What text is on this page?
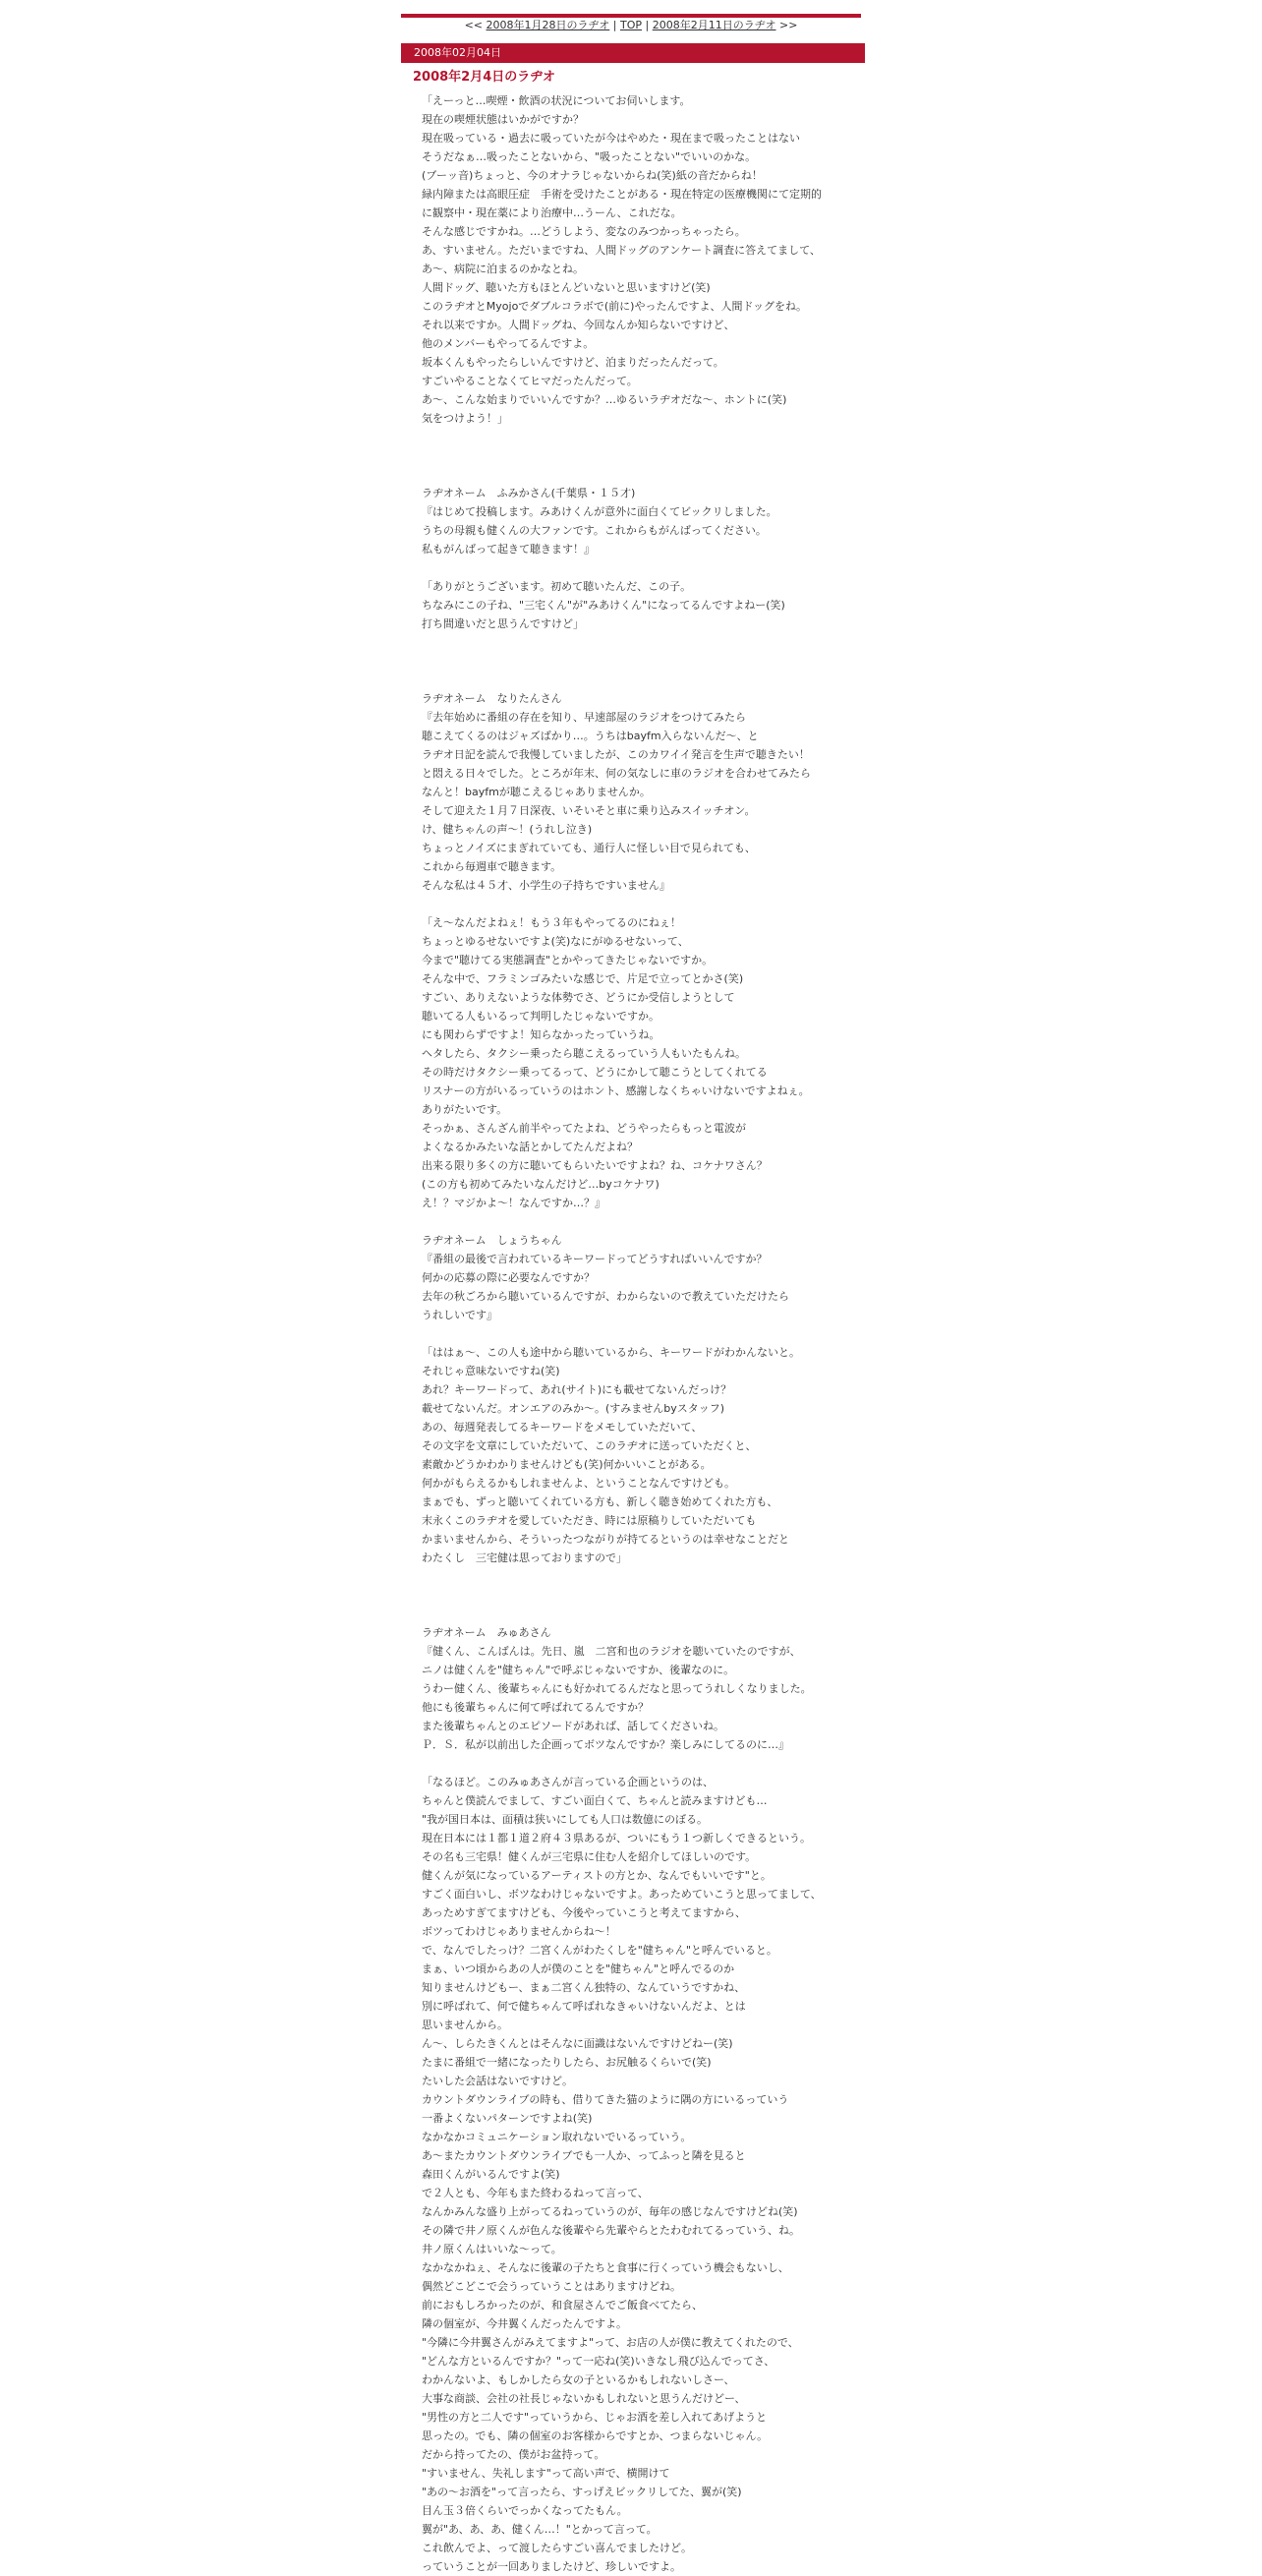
<< 2008年1月28日のラヂオ | TOP | 2008年2月11日のラヂオ >>
2008年02月04日
2008年2月4日のラヂオ
「えーっと…喫煙・飲酒の状況についてお伺いします。
現在の喫煙状態はいかがですか？
現在吸っている・過去に吸っていたが今はやめた・現在まで吸ったことはない
そうだなぁ…吸ったことないから、"吸ったことない"でいいのかな。
(ブーッ音)ちょっと、今のオナラじゃないからね(笑)紙の音だからね！
緑内障または高眼圧症　手術を受けたことがある・現在特定の医療機関にて定期的
に観察中・現在薬により治療中…うーん、これだな。
そんな感じですかね。…どうしよう、変なのみつかっちゃったら。
あ、すいません。ただいまですね、人間ドッグのアンケート調査に答えてまして、
あ～、病院に泊まるのかなとね。
人間ドッグ、聴いた方もほとんどいないと思いますけど(笑)
このラヂオとMyojoでダブルコラボで(前に)やったんですよ、人間ドッグをね。
それ以来ですか。人間ドッグね、今回なんか知らないですけど、
他のメンバーもやってるんですよ。
坂本くんもやったらしいんですけど、泊まりだったんだって。
すごいやることなくてヒマだったんだって。
あ～、こんな始まりでいいんですか？…ゆるいラヂオだな～、ホントに(笑)
気をつけよう！」
ラヂオネーム　ふみかさん(千葉県・１５才)
『はじめて投稿します。みあけくんが意外に面白くてビックリしました。
うちの母親も健くんの大ファンです。これからもがんばってください。
私もがんばって起きて聴きます！』
「ありがとうございます。初めて聴いたんだ、この子。
ちなみにこの子ね、"三宅くん"が"みあけくん"になってるんですよねー(笑)
打ち間違いだと思うんですけど」
ラヂオネーム　なりたんさん
『去年始めに番組の存在を知り、早速部屋のラジオをつけてみたら
聴こえてくるのはジャズばかり…。うちはbayfm入らないんだ～、と
ラヂオ日記を読んで我慢していましたが、このカワイイ発言を生声で聴きたい！
と悶える日々でした。ところが年末、何の気なしに車のラジオを合わせてみたら
なんと！bayfmが聴こえるじゃありませんか。
そして迎えた１月７日深夜、いそいそと車に乗り込みスイッチオン。
け、健ちゃんの声～！(うれし泣き)
ちょっとノイズにまぎれていても、通行人に怪しい目で見られても、
これから毎週車で聴きます。
そんな私は４５才、小学生の子持ちですいません』
「え～なんだよねぇ！もう３年もやってるのにねぇ！
ちょっとゆるせないですよ(笑)なにがゆるせないって、
今まで"聴けてる実態調査"とかやってきたじゃないですか。
そんな中で、フラミンゴみたいな感じで、片足で立ってとかさ(笑)
すごい、ありえないような体勢でさ、どうにか受信しようとして
聴いてる人もいるって判明したじゃないですか。
にも関わらずですよ！知らなかったっていうね。
ヘタしたら、タクシー乗ったら聴こえるっていう人もいたもんね。
その時だけタクシー乗ってるって、どうにかして聴こうとしてくれてる
リスナーの方がいるっていうのはホント、感謝しなくちゃいけないですよねぇ。
ありがたいです。
そっかぁ、さんざん前半やってたよね、どうやったらもっと電波が
よくなるかみたいな話とかしてたんだよね？
出来る限り多くの方に聴いてもらいたいですよね？ね、コケナワさん？
(この方も初めてみたいなんだけど…byコケナワ)
え！？マジかよ～！なんですか…？』
ラヂオネーム　しょうちゃん
『番組の最後で言われているキーワードってどうすればいいんですか？
何かの応募の際に必要なんですか？
去年の秋ごろから聴いているんですが、わからないので教えていただけたら
うれしいです』
「ははぁ～、この人も途中から聴いているから、キーワードがわかんないと。
それじゃ意味ないですね(笑)
あれ？キーワードって、あれ(サイト)にも載せてないんだっけ？
載せてないんだ。オンエアのみか～。(すみませんbyスタッフ)
あの、毎週発表してるキーワードをメモしていただいて、
その文字を文章にしていただいて、このラヂオに送っていただくと、
素敵かどうかわかりませんけども(笑)何かいいことがある。
何かがもらえるかもしれませんよ、ということなんですけども。
まぁでも、ずっと聴いてくれている方も、新しく聴き始めてくれた方も、
末永くこのラヂオを愛していただき、時には原稿りしていただいても
かまいませんから、そういったつながりが持てるというのは幸せなことだと
わたくし　三宅健は思っておりますので」
ラヂオネーム　みゅあさん
『健くん、こんばんは。先日、嵐　二宮和也のラジオを聴いていたのですが、
ニノは健くんを"健ちゃん"で呼ぶじゃないですか、後輩なのに。
うわー健くん、後輩ちゃんにも好かれてるんだなと思ってうれしくなりました。
他にも後輩ちゃんに何て呼ばれてるんですか？
また後輩ちゃんとのエピソードがあれば、話してくださいね。
Ｐ．Ｓ．私が以前出した企画ってボツなんですか？楽しみにしてるのに…』
「なるほど。このみゅあさんが言っている企画というのは、
ちゃんと僕読んでまして、すごい面白くて、ちゃんと読みますけども…
"我が国日本は、面積は狭いにしても人口は数億にのぼる。
現在日本には１都１道２府４３県あるが、ついにもう１つ新しくできるという。
その名も三宅県！健くんが三宅県に住む人を紹介してほしいのです。
健くんが気になっているアーティストの方とか、なんでもいいです"と。
すごく面白いし、ボツなわけじゃないですよ。あっためていこうと思ってまして、
あっためすぎてますけども、今後やっていこうと考えてますから、
ボツってわけじゃありませんからね～！
で、なんでしたっけ？二宮くんがわたくしを"健ちゃん"と呼んでいると。
まぁ、いつ頃からあの人が僕のことを"健ちゃん"と呼んでるのか
知りませんけどもー、まぁ二宮くん独特の、なんていうですかね、
別に呼ばれて、何で健ちゃんて呼ばれなきゃいけないんだよ、とは
思いませんから。
ん～、しらたきくんとはそんなに面識はないんですけどねー(笑)
たまに番組で一緒になったりしたら、お尻触るくらいで(笑)
たいした会話はないですけど。
カウントダウンライブの時も、借りてきた猫のように隅の方にいるっていう
一番よくないパターンですよね(笑)
なかなかコミュニケーション取れないでいるっていう。
あ～またカウントダウンライブでも一人か、ってふっと隣を見ると
森田くんがいるんですよ(笑)
で２人とも、今年もまた終わるねって言って、
なんかみんな盛り上がってるねっていうのが、毎年の感じなんですけどね(笑)
その隣で井ノ原くんが色んな後輩やら先輩やらとたわむれてるっていう、ね。
井ノ原くんはいいな～って。
なかなかねぇ、そんなに後輩の子たちと食事に行くっていう機会もないし、
偶然どこどこで会うっていうことはありますけどね。
前におもしろかったのが、和食屋さんでご飯食べてたら、
隣の個室が、今井翼くんだったんですよ。
"今隣に今井翼さんがみえてますよ"って、お店の人が僕に教えてくれたので、
"どんな方といるんですか？"って一応ね(笑)いきなし飛び込んでってさ、
わかんないよ、もしかしたら女の子といるかもしれないしさー、
大事な商談、会社の社長じゃないかもしれないと思うんだけどー、
"男性の方と二人です"っていうから、じゃお酒を差し入れてあげようと
思ったの。でも、隣の個室のお客様からですとか、つまらないじゃん。
だから持ってたの、僕がお盆持って。
"すいません、失礼します"って高い声で、横開けて
"あの～お酒を"って言ったら、すっげえビックリしてた、翼が(笑)
目ん玉３倍くらいでっかくなってたもん。
翼が"あ、あ、あ、健くん…！"とかって言って。
これ飲んでよ、って渡したらすごい喜んでましたけど。
っていうことが一回ありましたけど、珍しいですよ。
